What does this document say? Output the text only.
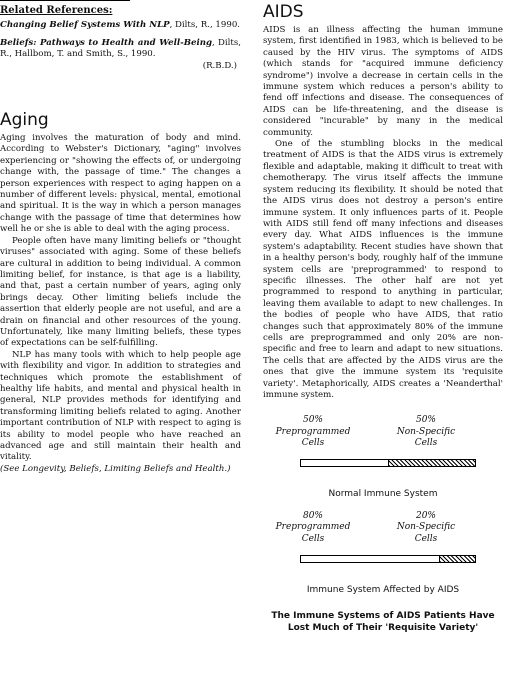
Related References:

Changing Belief Systems With NLP, Dilts, R., 1990.

Beliefs: Pathways to Health and Well-Being, Dilts, R., Hallbom, T. and Smith, S., 1990.

(R.B.D.)

Aging

Aging involves the maturation of body and mind. According to Webster's Dictionary, "aging" involves experiencing or "showing the effects of, or undergoing change with, the passage of time." The changes a person experiences with respect to aging happen on a number of different levels: physical, mental, emotional and spiritual. It is the way in which a person manages change with the passage of time that determines how well he or she is able to deal with the aging process.

People often have many limiting beliefs or "thought viruses" associated with aging. Some of these beliefs are cultural in addition to being individual. A common limiting belief, for instance, is that age is a liability, and that, past a certain number of years, aging only brings decay. Other limiting beliefs include the assertion that elderly people are not useful, and are a drain on financial and other resources of the young. Unfortunately, like many limiting beliefs, these types of expectations can be self-fulfilling.

NLP has many tools with which to help people age with flexibility and vigor. In addition to strategies and techniques which promote the establishment of healthy life habits, and mental and physical health in general, NLP provides methods for identifying and transforming limiting beliefs related to aging. Another important contribution of NLP with respect to aging is its ability to model people who have reached an advanced age and still maintain their health and vitality.

(See Longevity, Beliefs, Limiting Beliefs and Health.)

AIDS

AIDS is an illness affecting the human immune system, first identified in 1983, which is believed to be caused by the HIV virus. The symptoms of AIDS (which stands for "acquired immune deficiency syndrome") involve a decrease in certain cells in the immune system which reduces a person's ability to fend off infections and disease. The consequences of AIDS can be life-threatening, and the disease is considered "incurable" by many in the medical community.

One of the stumbling blocks in the medical treatment of AIDS is that the AIDS virus is extremely flexible and adaptable, making it difficult to treat with chemotherapy. The virus itself affects the immune system reducing its flexibility. It should be noted that the AIDS virus does not destroy a person's entire immune system. It only influences parts of it. People with AIDS still fend off many infections and diseases every day. What AIDS influences is the immune system's adaptability. Recent studies have shown that in a healthy person's body, roughly half of the immune system cells are 'preprogrammed' to respond to specific illnesses. The other half are not yet programmed to respond to anything in particular, leaving them available to adapt to new challenges. In the bodies of people who have AIDS, that ratio changes such that approximately 80% of the immune cells are preprogrammed and only 20% are non-specific and free to learn and adapt to new situations. The cells that are affected by the AIDS virus are the ones that give the immune system its 'requisite variety'. Metaphorically, AIDS creates a 'Neanderthal' immune system.

50%
Preprogrammed
Cells
50%
Non-Specific
Cells
Normal Immune System
80%
Preprogrammed
Cells
20%
Non-Specific
Cells
Immune System Affected by AIDS
The Immune Systems of AIDS Patients Have
Lost Much of Their 'Requisite Variety'
